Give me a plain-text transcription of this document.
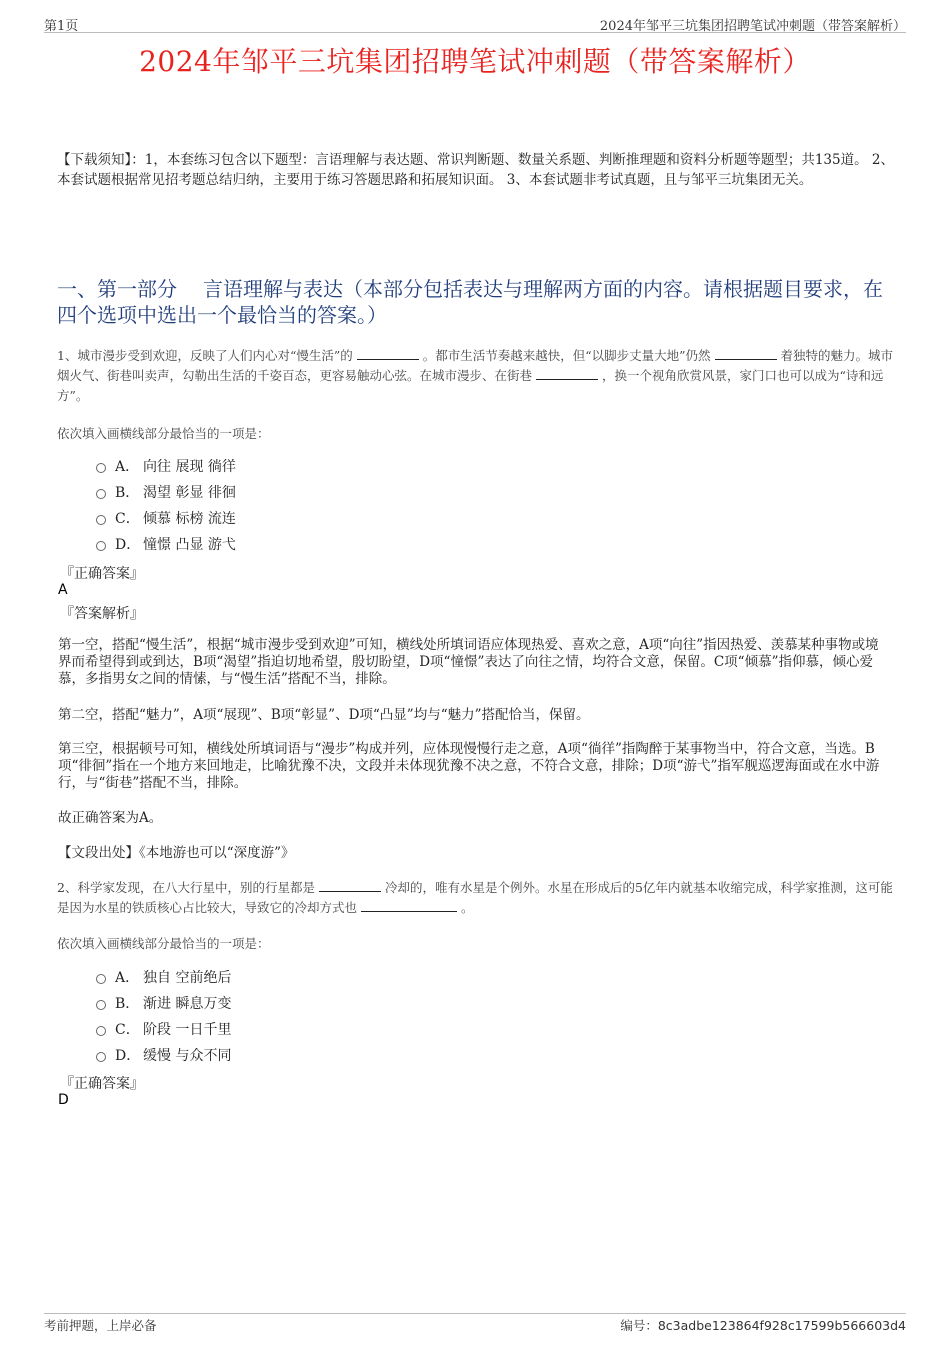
第1页	2024年邹平三坑集团招聘笔试冲刺题（带答案解析）
2024年邹平三坑集团招聘笔试冲刺题（带答案解析）
【下载须知】：1，本套练习包含以下题型：言语理解与表达题、常识判断题、数量关系题、判断推理题和资料分析题等题型；共135道。 2、本套试题根据常见招考题总结归纳，主要用于练习答题思路和拓展知识面。 3、本套试题非考试真题，且与邹平三坑集团无关。
一、第一部分 言语理解与表达（本部分包括表达与理解两方面的内容。请根据题目要求，在四个选项中选出一个最恰当的答案。）
1、城市漫步受到欢迎，反映了人们内心对“慢生活”的	。都市生活节奏越来越快，但“以脚步丈量大地”仍然	着独特的魅力。城市烟火气、街巷叫卖声，勾勒出生活的千姿百态，更容易触动心弦。在城市漫步、在街巷	，换一个视角欣赏风景，家门口也可以成为“诗和远方”。
依次填入画横线部分最恰当的一项是：
A． 向往 展现 徜徉
B． 渴望 彰显 徘徊
C． 倾慕 标榜 流连
D． 憧憬 凸显 游弋
『正确答案』
A
『答案解析』
第一空，搭配“慢生活”，根据“城市漫步受到欢迎”可知，横线处所填词语应体现热爱、喜欢之意，A项“向往”指因热爱、羡慕某种事物或境界而希望得到或到达，B项“渴望”指迫切地希望，殷切盼望，D项“憧憬”表达了向往之情，均符合文意，保留。C项“倾慕”指仰慕，倾心爱慕，多指男女之间的情愫，与“慢生活”搭配不当，排除。
第二空，搭配“魅力”，A项“展现”、B项“彰显”、D项“凸显”均与“魅力”搭配恰当，保留。
第三空，根据顿号可知，横线处所填词语与“漫步”构成并列，应体现慢慢行走之意，A项“徜徉”指陶醉于某事物当中，符合文意，当选。B项“徘徊”指在一个地方来回地走，比喻犹豫不决，文段并未体现犹豫不决之意，不符合文意，排除；D项“游弋”指军舰巡逻海面或在水中游行，与“街巷”搭配不当，排除。
故正确答案为A。
【文段出处】《本地游也可以“深度游”》
2、科学家发现，在八大行星中，别的行星都是	冷却的，唯有水星是个例外。水星在形成后的5亿年内就基本收缩完成，科学家推测，这可能是因为水星的铁质核心占比较大，导致它的冷却方式也	。
依次填入画横线部分最恰当的一项是：
A． 独自 空前绝后
B． 渐进 瞬息万变
C． 阶段 一日千里
D． 缓慢 与众不同
『正确答案』
D
考前押题，上岸必备	编号：8c3adbe123864f928c17599b566603d4
